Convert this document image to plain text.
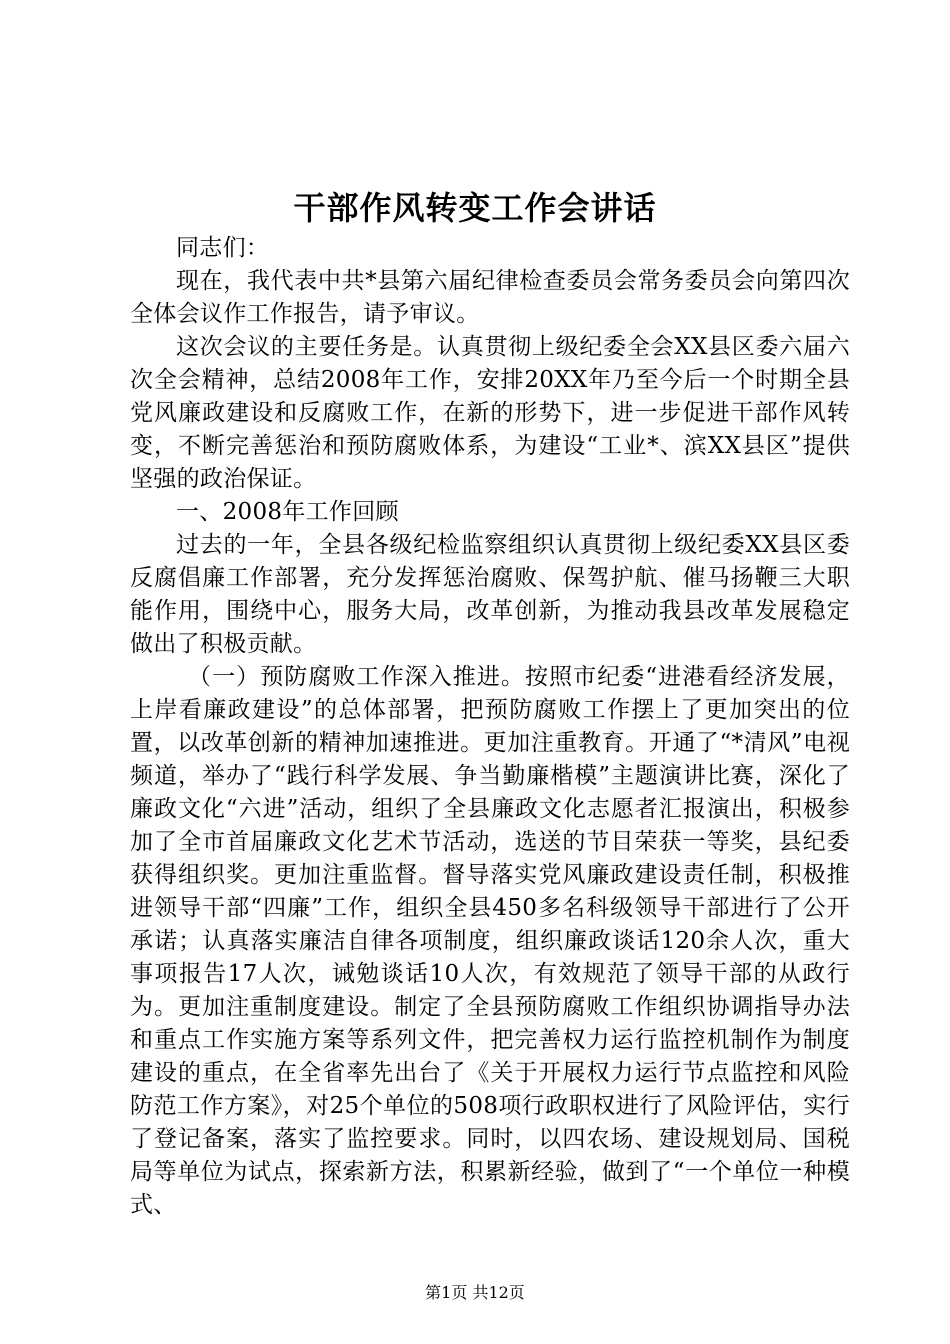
干部作风转变工作会讲话

同志们：

现在，我代表中共*县第六届纪律检查委员会常务委员会向第四次全体会议作工作报告，请予审议。

这次会议的主要任务是。认真贯彻上级纪委全会XX县区委六届六次全会精神，总结2008年工作，安排20XX年乃至今后一个时期全县党风廉政建设和反腐败工作，在新的形势下，进一步促进干部作风转变，不断完善惩治和预防腐败体系，为建设“工业*、滨XX县区”提供坚强的政治保证。

一、2008年工作回顾

过去的一年，全县各级纪检监察组织认真贯彻上级纪委XX县区委反腐倡廉工作部署，充分发挥惩治腐败、保驾护航、催马扬鞭三大职能作用，围绕中心，服务大局，改革创新，为推动我县改革发展稳定做出了积极贡献。

（一）预防腐败工作深入推进。按照市纪委“进港看经济发展，上岸看廉政建设”的总体部署，把预防腐败工作摆上了更加突出的位置，以改革创新的精神加速推进。更加注重教育。开通了“*清风”电视频道，举办了“践行科学发展、争当勤廉楷模”主题演讲比赛，深化了廉政文化“六进”活动，组织了全县廉政文化志愿者汇报演出，积极参加了全市首届廉政文化艺术节活动，选送的节目荣获一等奖，县纪委获得组织奖。更加注重监督。督导落实党风廉政建设责任制，积极推进领导干部“四廉”工作，组织全县450多名科级领导干部进行了公开承诺；认真落实廉洁自律各项制度，组织廉政谈话120余人次，重大事项报告17人次，诫勉谈话10人次，有效规范了领导干部的从政行为。更加注重制度建设。制定了全县预防腐败工作组织协调指导办法和重点工作实施方案等系列文件，把完善权力运行监控机制作为制度建设的重点，在全省率先出台了《关于开展权力运行节点监控和风险防范工作方案》，对25个单位的508项行政职权进行了风险评估，实行了登记备案，落实了监控要求。同时，以四农场、建设规划局、国税局等单位为试点，探索新方法，积累新经验，做到了“一个单位一种模式、

第1页 共12页
